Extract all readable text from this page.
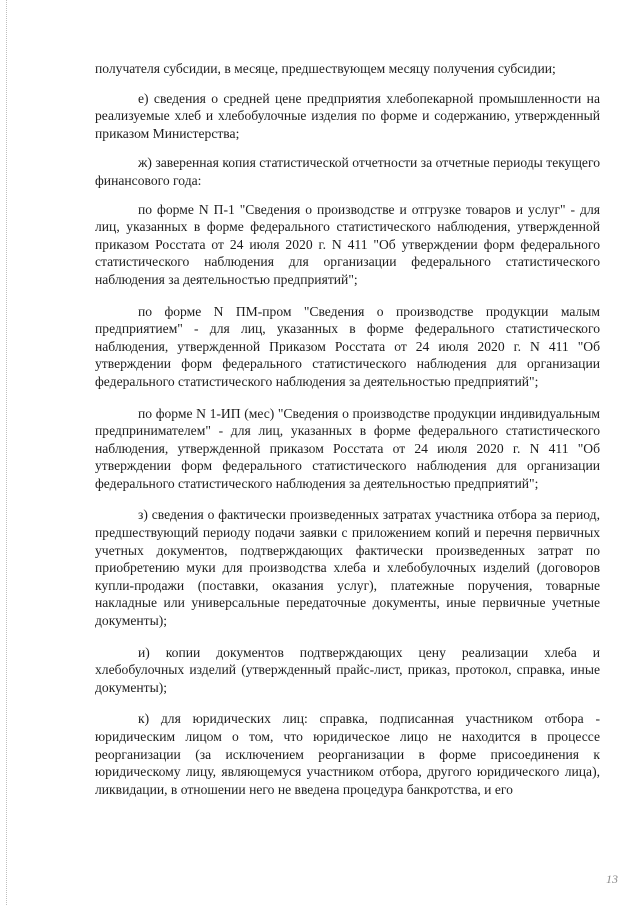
получателя субсидии, в месяце, предшествующем месяцу получения субсидии;

е) сведения о средней цене предприятия хлебопекарной промышленности на реализуемые хлеб и хлебобулочные изделия по форме и содержанию, утвержденный приказом Министерства;

ж) заверенная копия статистической отчетности за отчетные периоды текущего финансового года:

по форме N П-1 "Сведения о производстве и отгрузке товаров и услуг" - для лиц, указанных в форме федерального статистического наблюдения, утвержденной приказом Росстата от 24 июля 2020 г. N 411 "Об утверждении форм федерального статистического наблюдения для организации федерального статистического наблюдения за деятельностью предприятий";

по форме N ПМ-пром "Сведения о производстве продукции малым предприятием" - для лиц, указанных в форме федерального статистического наблюдения, утвержденной Приказом Росстата от 24 июля 2020 г. N 411 "Об утверждении форм федерального статистического наблюдения для организации федерального статистического наблюдения за деятельностью предприятий";

по форме N 1-ИП (мес) "Сведения о производстве продукции индивидуальным предпринимателем" - для лиц, указанных в форме федерального статистического наблюдения, утвержденной приказом Росстата от 24 июля 2020 г. N 411 "Об утверждении форм федерального статистического наблюдения для организации федерального статистического наблюдения за деятельностью предприятий";

з) сведения о фактически произведенных затратах участника отбора за период, предшествующий периоду подачи заявки с приложением копий и перечня первичных учетных документов, подтверждающих фактически произведенных затрат по приобретению муки для производства хлеба и хлебобулочных изделий (договоров купли-продажи (поставки, оказания услуг), платежные поручения, товарные накладные или универсальные передаточные документы, иные первичные учетные документы);

и) копии документов подтверждающих цену реализации хлеба и хлебобулочных изделий (утвержденный прайс-лист, приказ, протокол, справка, иные документы);

к) для юридических лиц: справка, подписанная участником отбора - юридическим лицом о том, что юридическое лицо не находится в процессе реорганизации (за исключением реорганизации в форме присоединения к юридическому лицу, являющемуся участником отбора, другого юридического лица), ликвидации, в отношении него не введена процедура банкротства, и его

13
